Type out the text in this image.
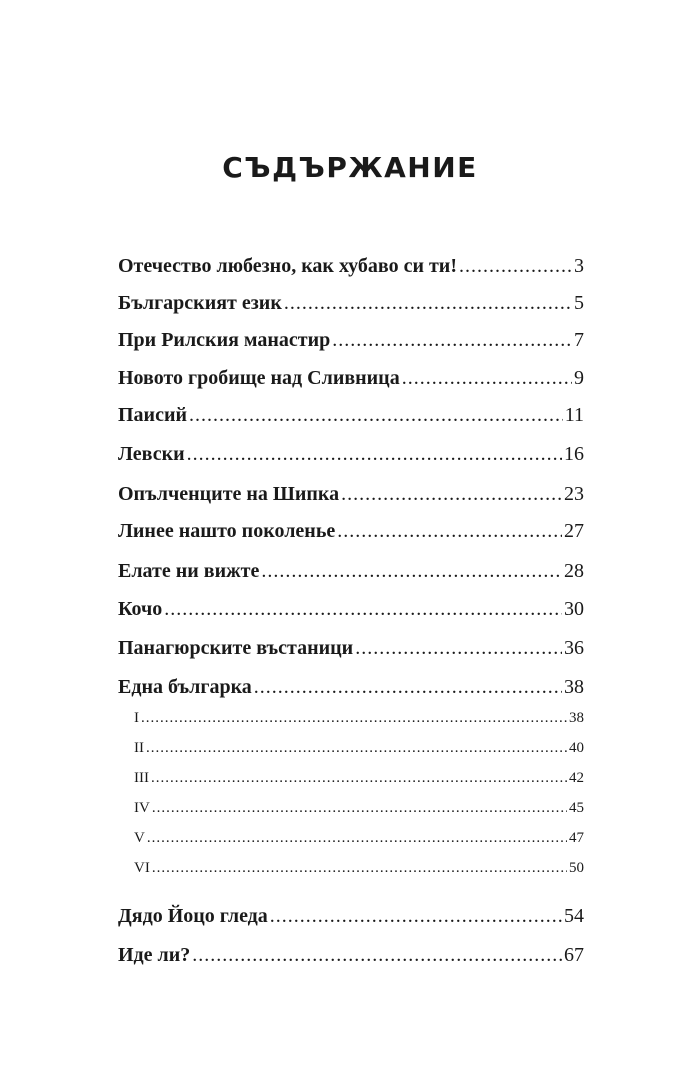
СЪДЪРЖАНИЕ
Отечество любезно, как хубаво си ти! .....	3
Българският език .....	5
При Рилския манастир .....	7
Новото гробище над Сливница .....	9
Паисий .....	11
Левски .....	16
Опълченците на Шипка .....	23
Линее нашто поколенье .....	27
Елате ни вижте .....	28
Кочо .....	30
Панагюрските въстаници .....	36
Една българка .....	38
I .....	38
II .....	40
III .....	42
IV .....	45
V .....	47
VI .....	50
Дядо Йоцо гледа .....	54
Иде ли? .....	67
